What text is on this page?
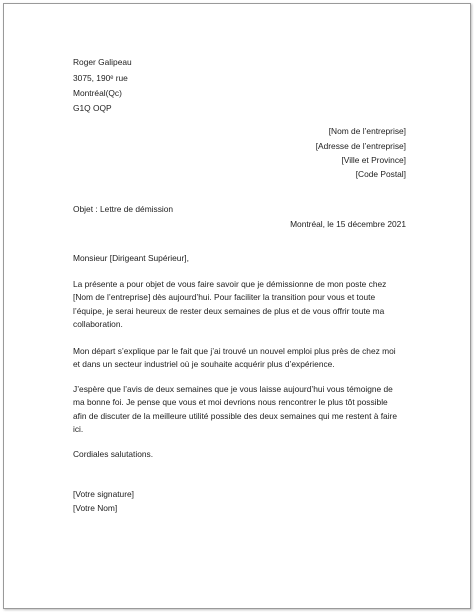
Roger Galipeau
3075, 190ᵉ rue
Montréal(Qc)
G1Q OQP
[Nom de l’entreprise]
[Adresse de l’entreprise]
[Ville et Province]
[Code Postal]
Objet : Lettre de démission
Montréal, le 15 décembre 2021
Monsieur [Dirigeant Supérieur],
La présente a pour objet de vous faire savoir que je démissionne de mon poste chez
[Nom de l’entreprise] dès aujourd’hui. Pour faciliter la transition pour vous et toute
l’équipe, je serai heureux de rester deux semaines de plus et de vous offrir toute ma
collaboration.
Mon départ s’explique par le fait que j’ai trouvé un nouvel emploi plus près de chez moi
et dans un secteur industriel où je souhaite acquérir plus d’expérience.
J’espère que l’avis de deux semaines que je vous laisse aujourd’hui vous témoigne de
ma bonne foi. Je pense que vous et moi devrions nous rencontrer le plus tôt possible
afin de discuter de la meilleure utilité possible des deux semaines qui me restent à faire
ici.
Cordiales salutations.
[Votre signature]
[Votre Nom]
